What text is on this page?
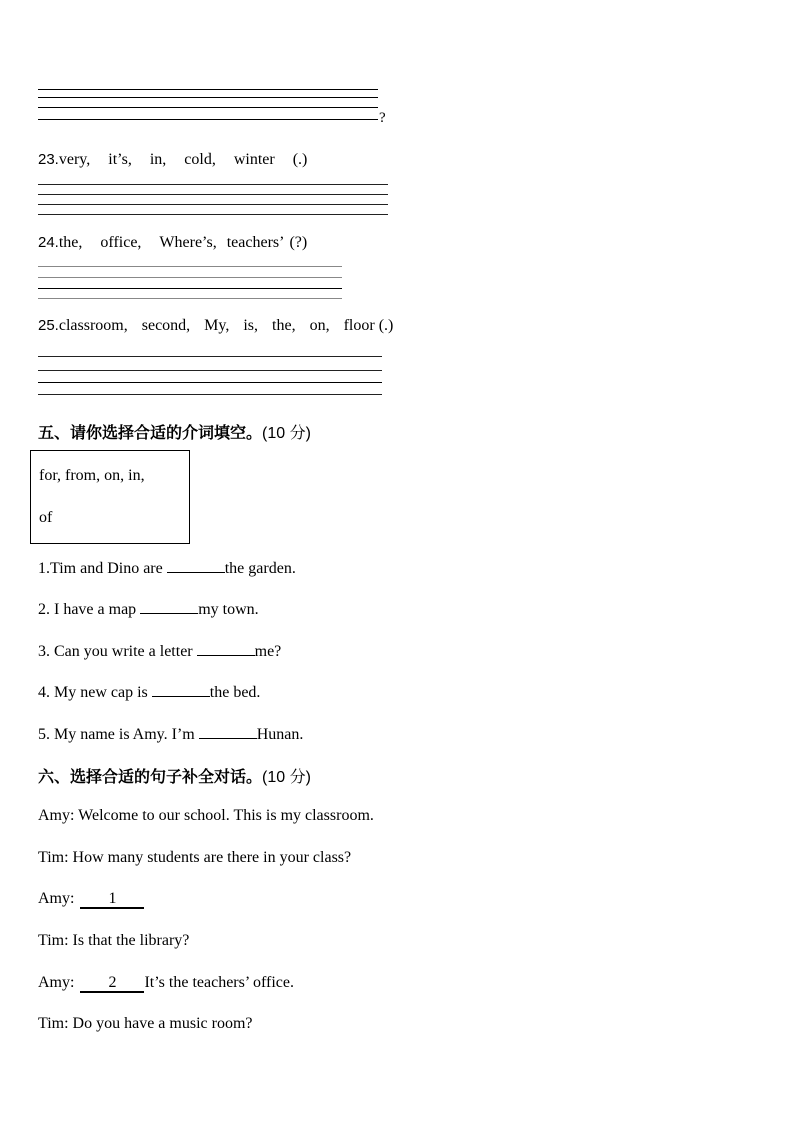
?
23.very, it’s, in, cold, winter (.)
24.the, office, Where’s, teachers’ (?)
25.classroom, second, My, is, the, on, floor (.)
五、请你选择合适的介词填空。(10 分)
for, from, on, in,
of
1.Tim and Dino are	the garden.
2. I have a map	my town.
3. Can you write a letter	me?
4. My new cap is	the bed.
5. My name is Amy. I’m	Hunan.
六、选择合适的句子补全对话。(10 分)
Amy: Welcome to our school. This is my classroom.
Tim: How many students are there in your class?
Amy: 1
Tim: Is that the library?
Amy: 2 It’s the teachers’ office.
Tim: Do you have a music room?
